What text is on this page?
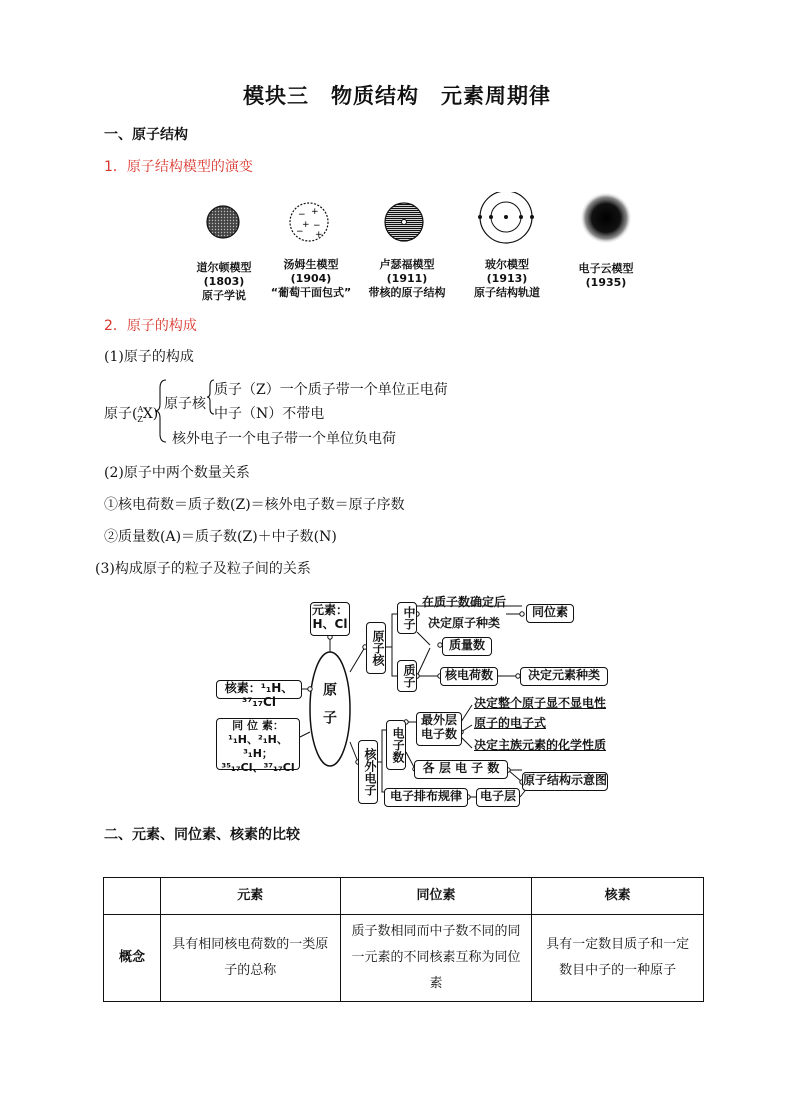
模块三　物质结构　元素周期律
一、原子结构
1．原子结构模型的演变
− +
+ −
− +
道尔顿模型
(1803)
原子学说
汤姆生模型
(1904)
“葡萄干面包式”
卢瑟福模型
(1911)
带核的原子结构
玻尔模型
(1913)
原子结构轨道
电子云模型
(1935)
2．原子的构成
(1)原子的构成
原子($^A_Z$X)
原子核
质子（Z）一个质子带一个单位正电荷
中子（N）不带电
核外电子一个电子带一个单位负电荷
(2)原子中两个数量关系
①核电荷数＝质子数(Z)＝核外电子数＝原子序数
②质量数(A)＝质子数(Z)＋中子数(N)
(3)构成原子的粒子及粒子间的关系
元素：
H、Cl
核素：¹₁H、³⁷₁₇Cl
同 位 素：
¹₁H、²₁H、³₁H；
³⁵₁₇Cl、³⁷₁₇Cl
原子
原子核
中子
质子
核外电子
电子数
在质子数确定后
同位素
决定原子种类
质量数
核电荷数	决定元素种类
最外层
电子数
决定整个原子显不显电性
原子的电子式
决定主族元素的化学性质
各 层 电 子 数
原子结构示意图
电子排布规律	电子层
二、元素、同位素、核素的比较
	元素	同位素	核素
概念	具有相同核电荷数的一类原子的总称	质子数相同而中子数不同的同一元素的不同核素互称为同位素	具有一定数目质子和一定数目中子的一种原子
